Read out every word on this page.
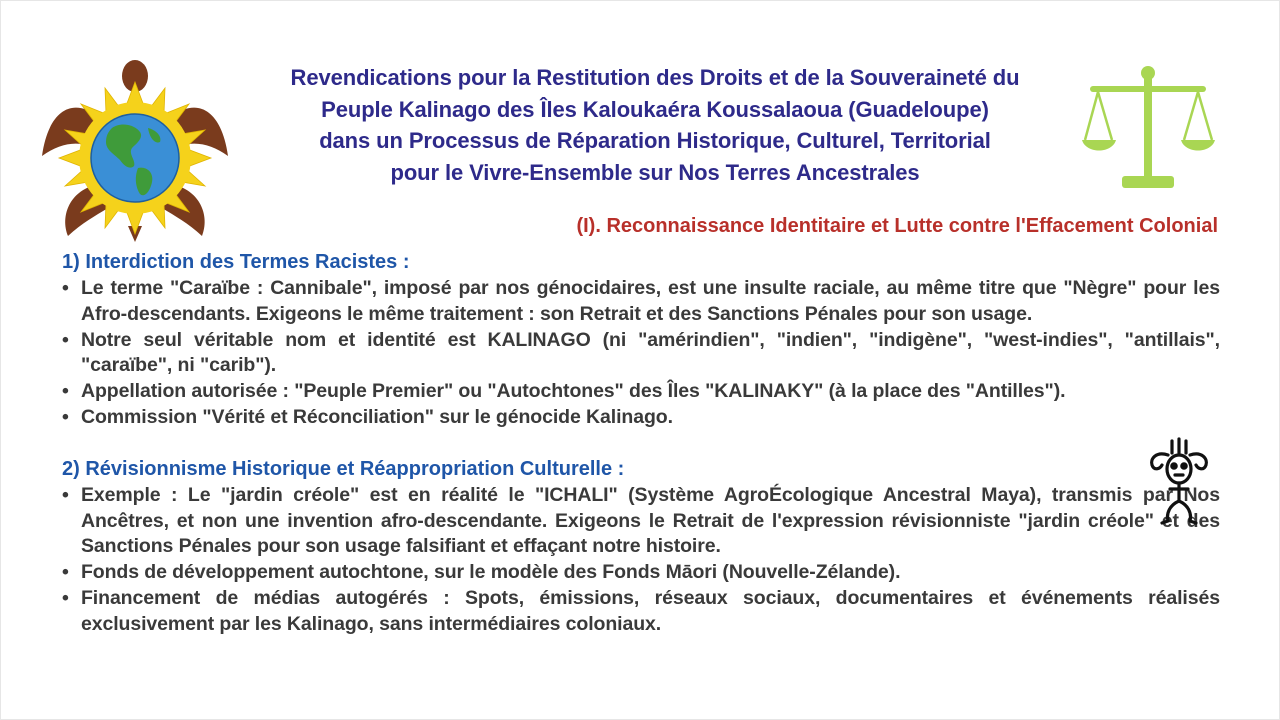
Revendications pour la Restitution des Droits et de la Souveraineté du
Peuple Kalinago des Îles Kaloukaéra Koussalaoua (Guadeloupe)
dans un Processus de Réparation Historique, Culturel, Territorial
pour le Vivre-Ensemble sur Nos Terres Ancestrales
(I). Reconnaissance Identitaire et Lutte contre l'Effacement Colonial
1) Interdiction des Termes Racistes :
• Le terme "Caraïbe : Cannibale", imposé par nos génocidaires, est une insulte raciale, au même titre que "Nègre" pour les Afro-descendants. Exigeons le même traitement : son Retrait et des Sanctions Pénales pour son usage.
• Notre seul véritable nom et identité est KALINAGO (ni "amérindien", "indien", "indigène", "west-indies", "antillais", "caraïbe", ni "carib").
• Appellation autorisée : "Peuple Premier" ou "Autochtones" des Îles "KALINAKY" (à la place des "Antilles").
• Commission "Vérité et Réconciliation" sur le génocide Kalinago.
2) Révisionnisme Historique et Réappropriation Culturelle :
• Exemple : Le "jardin créole" est en réalité le "ICHALI" (Système AgroÉcologique Ancestral Maya), transmis par Nos Ancêtres, et non une invention afro-descendante. Exigeons le Retrait de l'expression révisionniste "jardin créole" et des Sanctions Pénales pour son usage falsifiant et effaçant notre histoire.
• Fonds de développement autochtone, sur le modèle des Fonds Māori (Nouvelle-Zélande).
• Financement de médias autogérés : Spots, émissions, réseaux sociaux, documentaires et événements réalisés exclusivement par les Kalinago, sans intermédiaires coloniaux.
